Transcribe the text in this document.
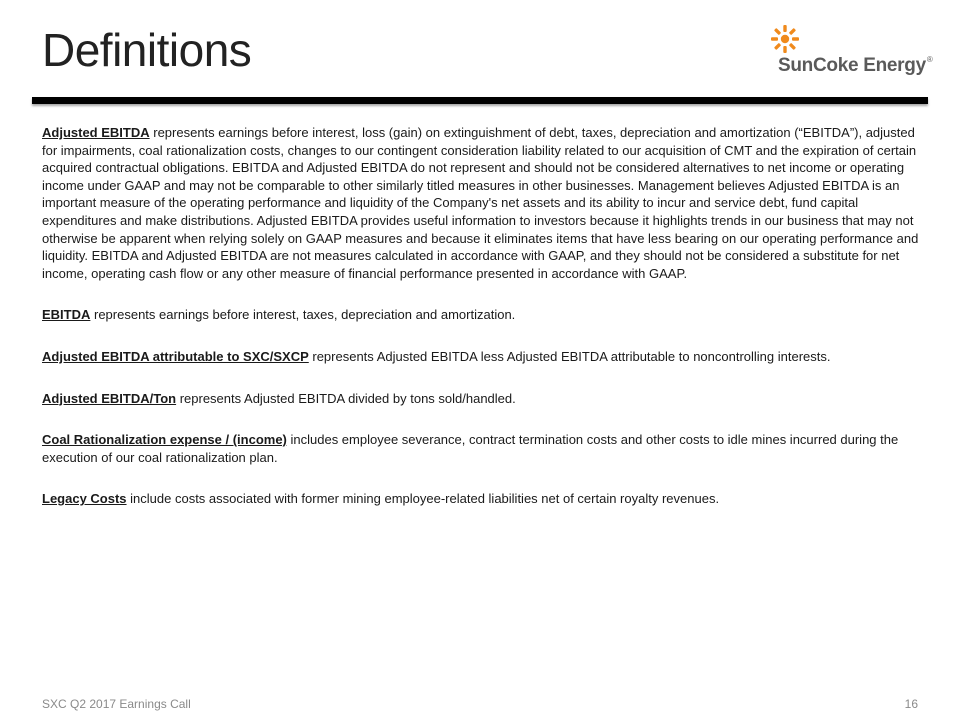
Definitions	SunCoke Energy®

Adjusted EBITDA represents earnings before interest, loss (gain) on extinguishment of debt, taxes, depreciation and amortization (“EBITDA”), adjusted for impairments, coal rationalization costs, changes to our contingent consideration liability related to our acquisition of CMT and the expiration of certain acquired contractual obligations. EBITDA and Adjusted EBITDA do not represent and should not be considered alternatives to net income or operating income under GAAP and may not be comparable to other similarly titled measures in other businesses. Management believes Adjusted EBITDA is an important measure of the operating performance and liquidity of the Company's net assets and its ability to incur and service debt, fund capital expenditures and make distributions. Adjusted EBITDA provides useful information to investors because it highlights trends in our business that may not otherwise be apparent when relying solely on GAAP measures and because it eliminates items that have less bearing on our operating performance and liquidity. EBITDA and Adjusted EBITDA are not measures calculated in accordance with GAAP, and they should not be considered a substitute for net income, operating cash flow or any other measure of financial performance presented in accordance with GAAP.

EBITDA represents earnings before interest, taxes, depreciation and amortization.

Adjusted EBITDA attributable to SXC/SXCP represents Adjusted EBITDA less Adjusted EBITDA attributable to noncontrolling interests.

Adjusted EBITDA/Ton represents Adjusted EBITDA divided by tons sold/handled.

Coal Rationalization expense / (income) includes employee severance, contract termination costs and other costs to idle mines incurred during the execution of our coal rationalization plan.

Legacy Costs include costs associated with former mining employee-related liabilities net of certain royalty revenues.

SXC Q2 2017 Earnings Call	16
